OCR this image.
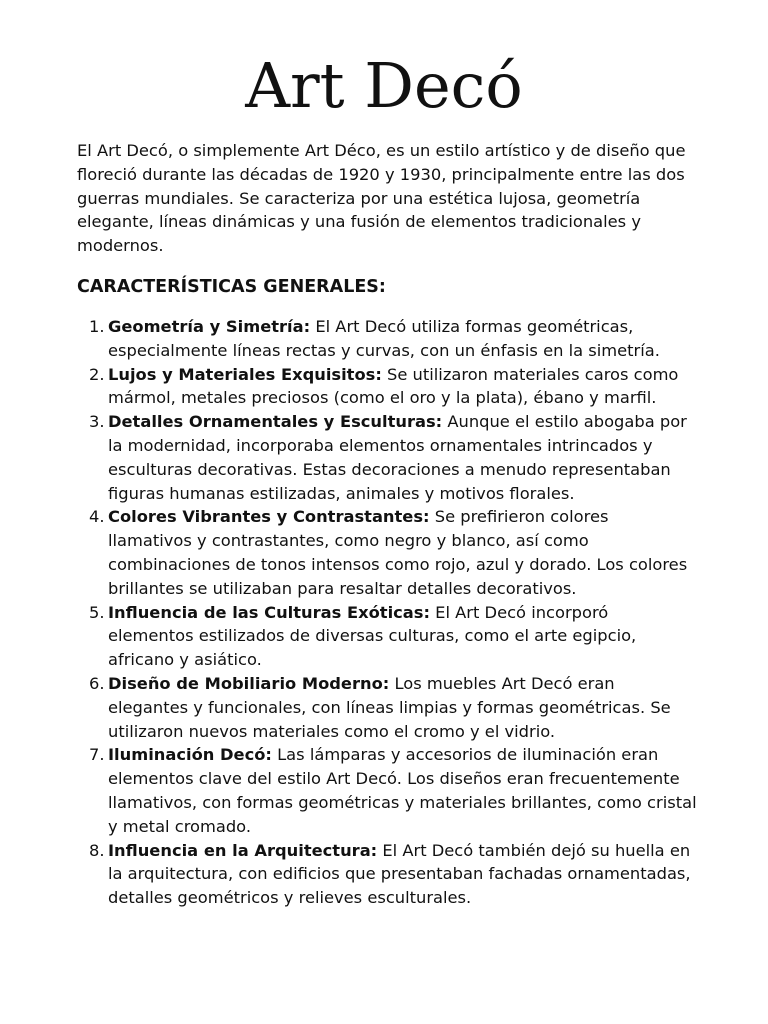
Art Decó

El Art Decó, o simplemente Art Déco, es un estilo artístico y de diseño que floreció durante las décadas de 1920 y 1930, principalmente entre las dos guerras mundiales. Se caracteriza por una estética lujosa, geometría elegante, líneas dinámicas y una fusión de elementos tradicionales y modernos.

CARACTERÍSTICAS GENERALES:
1. Geometría y Simetría: El Art Decó utiliza formas geométricas, especialmente líneas rectas y curvas, con un énfasis en la simetría.
2. Lujos y Materiales Exquisitos: Se utilizaron materiales caros como mármol, metales preciosos (como el oro y la plata), ébano y marfil.
3. Detalles Ornamentales y Esculturas: Aunque el estilo abogaba por la modernidad, incorporaba elementos ornamentales intrincados y esculturas decorativas. Estas decoraciones a menudo representaban figuras humanas estilizadas, animales y motivos florales.
4. Colores Vibrantes y Contrastantes: Se prefirieron colores llamativos y contrastantes, como negro y blanco, así como combinaciones de tonos intensos como rojo, azul y dorado. Los colores brillantes se utilizaban para resaltar detalles decorativos.
5. Influencia de las Culturas Exóticas: El Art Decó incorporó elementos estilizados de diversas culturas, como el arte egipcio, africano y asiático.
6. Diseño de Mobiliario Moderno: Los muebles Art Decó eran elegantes y funcionales, con líneas limpias y formas geométricas. Se utilizaron nuevos materiales como el cromo y el vidrio.
7. Iluminación Decó: Las lámparas y accesorios de iluminación eran elementos clave del estilo Art Decó. Los diseños eran frecuentemente llamativos, con formas geométricas y materiales brillantes, como cristal y metal cromado.
8. Influencia en la Arquitectura: El Art Decó también dejó su huella en la arquitectura, con edificios que presentaban fachadas ornamentadas, detalles geométricos y relieves esculturales.
